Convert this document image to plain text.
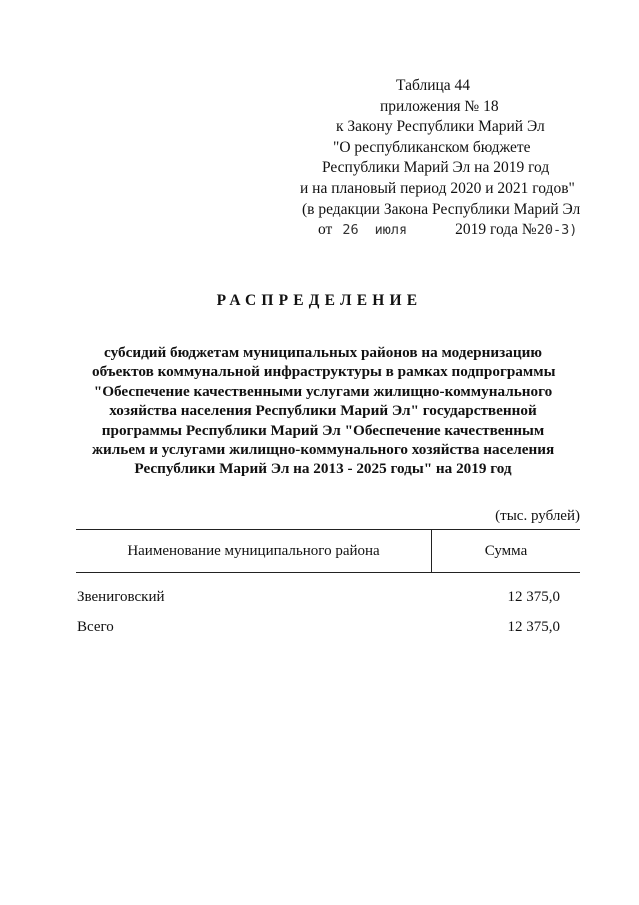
Таблица 44
приложения № 18
к Закону Республики Марий Эл
"О республиканском бюджете
Республики Марий Эл на 2019 год
и на плановый период 2020 и 2021 годов"
(в редакции Закона Республики Марий Эл
от 26 июля	2019 года №20-З)
РАСПРЕДЕЛЕНИЕ
субсидий бюджетам муниципальных районов на модернизацию
объектов коммунальной инфраструктуры в рамках подпрограммы
"Обеспечение качественными услугами жилищно-коммунального
хозяйства населения Республики Марий Эл" государственной
программы Республики Марий Эл "Обеспечение качественным
жильем и услугами жилищно-коммунального хозяйства населения
Республики Марий Эл на 2013 - 2025 годы" на 2019 год
(тыс. рублей)
Наименование муниципального района	Сумма
Звениговский	12 375,0
Всего	12 375,0
